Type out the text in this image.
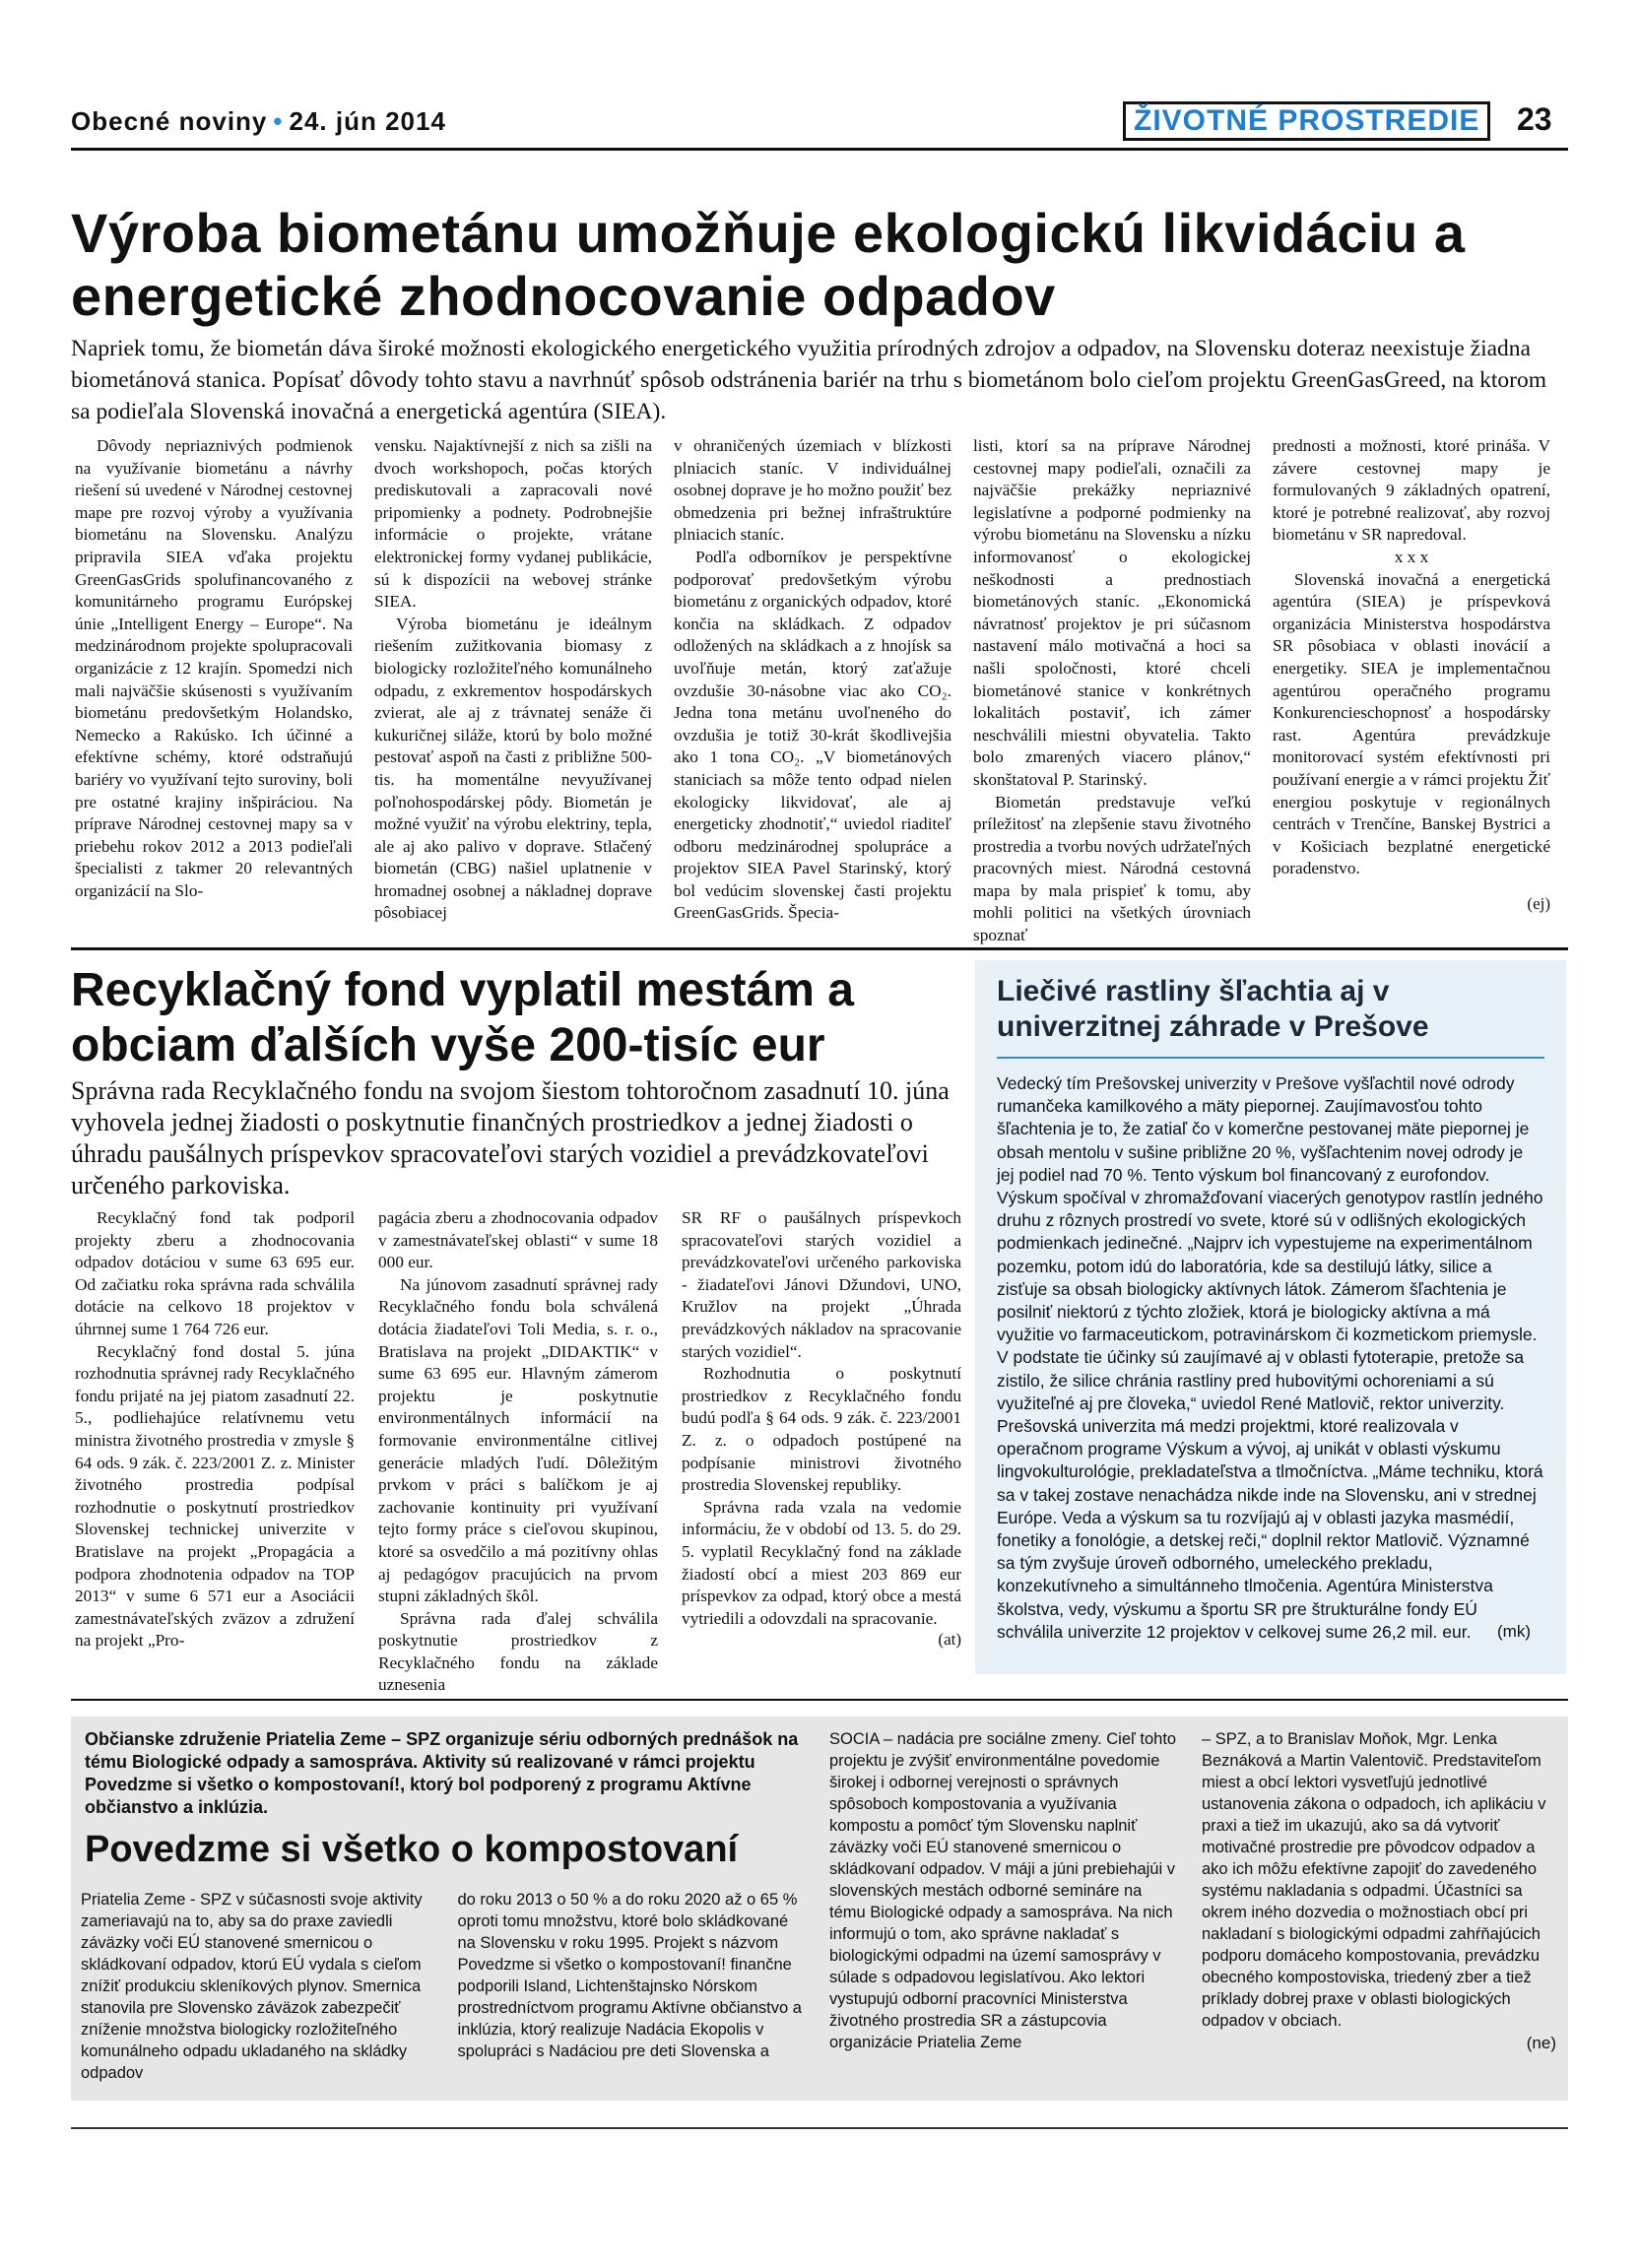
Obecné noviny • 24. jún 2014	ŽIVOTNÉ PROSTREDIE	23
Výroba biometánu umožňuje ekologickú likvidáciu a energetické zhodnocovanie odpadov

Napriek tomu, že biometán dáva široké možnosti ekologického energetického využitia prírodných zdrojov a odpadov, na Slovensku doteraz neexistuje žiadna biometánová stanica. Popísať dôvody tohto stavu a navrhnúť spôsob odstránenia bariér na trhu s biometánom bolo cieľom projektu GreenGasGreed, na ktorom sa podieľala Slovenská inovačná a energetická agentúra (SIEA).

Dôvody nepriaznivých podmienok na využívanie biometánu a návrhy riešení sú uvedené v Národnej cestovnej mape pre rozvoj výroby a využívania biometánu na Slovensku. Analýzu pripravila SIEA vďaka projektu GreenGasGrids spolufinancovaného z komunitárneho programu Európskej únie „Intelligent Energy – Europe“. Na medzinárodnom projekte spolupracovali organizácie z 12 krajín. Spomedzi nich mali najväčšie skúsenosti s využívaním biometánu predovšetkým Holandsko, Nemecko a Rakúsko. Ich účinné a efektívne schémy, ktoré odstraňujú bariéry vo využívaní tejto suroviny, boli pre ostatné krajiny inšpiráciou. Na príprave Národnej cestovnej mapy sa v priebehu rokov 2012 a 2013 podieľali špecialisti z takmer 20 relevantných organizácií na Slo-

vensku. Najaktívnejší z nich sa zišli na dvoch workshopoch, počas ktorých prediskutovali a zapracovali nové pripomienky a podnety. Podrobnejšie informácie o projekte, vrátane elektronickej formy vydanej publikácie, sú k dispozícii na webovej stránke SIEA.

Výroba biometánu je ideálnym riešením zužitkovania biomasy z biologicky rozložiteľného komunálneho odpadu, z exkrementov hospodárskych zvierat, ale aj z trávnatej senáže či kukuričnej siláže, ktorú by bolo možné pestovať aspoň na časti z približne 500-tis. ha momentálne nevyužívanej poľnohospodárskej pôdy. Biometán je možné využiť na výrobu elektriny, tepla, ale aj ako palivo v doprave. Stlačený biometán (CBG) našiel uplatnenie v hromadnej osobnej a nákladnej doprave pôsobiacej

v ohraničených územiach v blízkosti plniacich staníc. V individuálnej osobnej doprave je ho možno použiť bez obmedzenia pri bežnej infraštruktúre plniacich staníc.

Podľa odborníkov je perspektívne podporovať predovšetkým výrobu biometánu z organických odpadov, ktoré končia na skládkach. Z odpadov odložených na skládkach a z hnojísk sa uvoľňuje metán, ktorý zaťažuje ovzdušie 30-násobne viac ako CO₂. Jedna tona metánu uvoľneného do ovzdušia je totiž 30-krát škodlivejšia ako 1 tona CO₂. „V biometánových staniciach sa môže tento odpad nielen ekologicky likvidovať, ale aj energeticky zhodnotiť,“ uviedol riaditeľ odboru medzinárodnej spolupráce a projektov SIEA Pavel Starinský, ktorý bol vedúcim slovenskej časti projektu GreenGasGrids. Špecia-

listi, ktorí sa na príprave Národnej cestovnej mapy podieľali, označili za najväčšie prekážky nepriaznivé legislatívne a podporné podmienky na výrobu biometánu na Slovensku a nízku informovanosť o ekologickej neškodnosti a prednostiach biometánových staníc. „Ekonomická návratnosť projektov je pri súčasnom nastavení málo motivačná a hoci sa našli spoločnosti, ktoré chceli biometánové stanice v konkrétnych lokalitách postaviť, ich zámer neschválili miestni obyvatelia. Takto bolo zmarených viacero plánov,“ skonštatoval P. Starinský.

Biometán predstavuje veľkú príležitosť na zlepšenie stavu životného prostredia a tvorbu nových udržateľných pracovných miest. Národná cestovná mapa by mala prispieť k tomu, aby mohli politici na všetkých úrovniach spoznať

prednosti a možnosti, ktoré prináša. V závere cestovnej mapy je formulovaných 9 základných opatrení, ktoré je potrebné realizovať, aby rozvoj biometánu v SR napredoval.

x x x

Slovenská inovačná a energetická agentúra (SIEA) je príspevková organizácia Ministerstva hospodárstva SR pôsobiaca v oblasti inovácií a energetiky. SIEA je implementačnou agentúrou operačného programu Konkurencieschopnosť a hospodársky rast. Agentúra prevádzkuje monitorovací systém efektívnosti pri používaní energie a v rámci projektu Žiť energiou poskytuje v regionálnych centrách v Trenčíne, Banskej Bystrici a v Košiciach bezplatné energetické poradenstvo.

(ej)
Recyklačný fond vyplatil mestám a obciam ďalších vyše 200-tisíc eur

Správna rada Recyklačného fondu na svojom šiestom tohtoročnom zasadnutí 10. júna vyhovela jednej žiadosti o poskytnutie finančných prostriedkov a jednej žiadosti o úhradu paušálnych príspevkov spracovateľovi starých vozidiel a prevádzkovateľovi určeného parkoviska.

Recyklačný fond tak podporil projekty zberu a zhodnocovania odpadov dotáciou v sume 63 695 eur. Od začiatku roka správna rada schválila dotácie na celkovo 18 projektov v úhrnnej sume 1 764 726 eur.

Recyklačný fond dostal 5. júna rozhodnutia správnej rady Recyklačného fondu prijaté na jej piatom zasadnutí 22. 5., podliehajúce relatívnemu vetu ministra životného prostredia v zmysle § 64 ods. 9 zák. č. 223/2001 Z. z. Minister životného prostredia podpísal rozhodnutie o poskytnutí prostriedkov Slovenskej technickej univerzite v Bratislave na projekt „Propagácia a podpora zhodnotenia odpadov na TOP 2013“ v sume 6 571 eur a Asociácii zamestnávateľských zväzov a združení na projekt „Pro-

pagácia zberu a zhodnocovania odpadov v zamestnávateľskej oblasti“ v sume 18 000 eur.

Na júnovom zasadnutí správnej rady Recyklačného fondu bola schválená dotácia žiadateľovi Toli Media, s. r. o., Bratislava na projekt „DIDAKTIK“ v sume 63 695 eur. Hlavným zámerom projektu je poskytnutie environmentálnych informácií na formovanie environmentálne citlivej generácie mladých ľudí. Dôležitým prvkom v práci s balíčkom je aj zachovanie kontinuity pri využívaní tejto formy práce s cieľovou skupinou, ktoré sa osvedčilo a má pozitívny ohlas aj pedagógov pracujúcich na prvom stupni základných škôl.

Správna rada ďalej schválila poskytnutie prostriedkov z Recyklačného fondu na základe uznesenia

SR RF o paušálnych príspevkoch spracovateľovi starých vozidiel a prevádzkovateľovi určeného parkoviska - žiadateľovi Jánovi Džundovi, UNO, Kružlov na projekt „Úhrada prevádzkových nákladov na spracovanie starých vozidiel“.

Rozhodnutia o poskytnutí prostriedkov z Recyklačného fondu budú podľa § 64 ods. 9 zák. č. 223/2001 Z. z. o odpadoch postúpené na podpísanie ministrovi životného prostredia Slovenskej republiky.

Správna rada vzala na vedomie informáciu, že v období od 13. 5. do 29. 5. vyplatil Recyklačný fond na základe žiadostí obcí a miest 203 869 eur príspevkov za odpad, ktorý obce a mestá vytriedili a odovzdali na spracovanie.

(at)
Liečivé rastliny šľachtia aj v univerzitnej záhrade v Prešove
Vedecký tím Prešovskej univerzity v Prešove vyšľachtil nové odrody rumančeka kamilkového a mäty piepornej. Zaujímavosťou tohto šľachtenia je to, že zatiaľ čo v komerčne pestovanej mäte piepornej je obsah mentolu v sušine približne 20 %, vyšľachtenim novej odrody je jej podiel nad 70 %. Tento výskum bol financovaný z eurofondov. Výskum spočíval v zhromažďovaní viacerých genotypov rastlín jedného druhu z rôznych prostredí vo svete, ktoré sú v odlišných ekologických podmienkach jedinečné. „Najprv ich vypestujeme na experimentálnom pozemku, potom idú do laboratória, kde sa destilujú látky, silice a zisťuje sa obsah biologicky aktívnych látok. Zámerom šľachtenia je posilniť niektorú z týchto zložiek, ktorá je biologicky aktívna a má využitie vo farmaceutickom, potravinárskom či kozmetickom priemysle. V podstate tie účinky sú zaujímavé aj v oblasti fytoterapie, pretože sa zistilo, že silice chránia rastliny pred hubovitými ochoreniami a sú využiteľné aj pre človeka,“ uviedol René Matlovič, rektor univerzity. Prešovská univerzita má medzi projektmi, ktoré realizovala v operačnom programe Výskum a vývoj, aj unikát v oblasti výskumu lingvokulturológie, prekladateľstva a tlmočníctva. „Máme techniku, ktorá sa v takej zostave nenachádza nikde inde na Slovensku, ani v strednej Európe. Veda a výskum sa tu rozvíjajú aj v oblasti jazyka masmédií, fonetiky a fonológie, a detskej reči,“ doplnil rektor Matlovič. Významné sa tým zvyšuje úroveň odborného, umeleckého prekladu, konzekutívneho a simultánneho tlmočenia. Agentúra Ministerstva školstva, vedy, výskumu a športu SR pre štrukturálne fondy EÚ schválila univerzite 12 projektov v celkovej sume 26,2 mil. eur.	(mk)
Občianske združenie Priatelia Zeme – SPZ organizuje sériu odborných prednášok na tému Biologické odpady a samospráva. Aktivity sú realizované v rámci projektu Povedzme si všetko o kompostovaní!, ktorý bol podporený z programu Aktívne občianstvo a inklúzia.
Povedzme si všetko o kompostovaní
Priatelia Zeme - SPZ v súčasnosti svoje aktivity zameriavajú na to, aby sa do praxe zaviedli záväzky voči EÚ stanovené smernicou o skládkovaní odpadov, ktorú EÚ vydala s cieľom znížiť produkciu skleníkových plynov. Smernica stanovila pre Slovensko záväzok zabezpečiť zníženie množstva biologicky rozložiteľného komunálneho odpadu ukladaného na skládky odpadov
do roku 2013 o 50 % a do roku 2020 až o 65 % oproti tomu množstvu, ktoré bolo skládkované na Slovensku v roku 1995. Projekt s názvom Povedzme si všetko o kompostovaní! finančne podporili Island, Lichtenštajnsko Nórskom prostredníctvom programu Aktívne občianstvo a inklúzia, ktorý realizuje Nadácia Ekopolis v spolupráci s Nadáciou pre deti Slovenska a
SOCIA – nadácia pre sociálne zmeny. Cieľ tohto projektu je zvýšiť environmentálne povedomie širokej i odbornej verejnosti o správnych spôsoboch kompostovania a využívania kompostu a pomôcť tým Slovensku naplniť záväzky voči EÚ stanovené smernicou o skládkovaní odpadov. V máji a júni prebiehajúi v slovenských mestách odborné semináre na tému Biologické odpady a samospráva. Na nich informujú o tom, ako správne nakladať s biologickými odpadmi na území samosprávy v súlade s odpadovou legislatívou. Ako lektori vystupujú odborní pracovníci Ministerstva životného prostredia SR a zástupcovia organizácie Priatelia Zeme
– SPZ, a to Branislav Moňok, Mgr. Lenka Beznáková a Martin Valentovič. Predstaviteľom miest a obcí lektori vysvetľujú jednotlivé ustanovenia zákona o odpadoch, ich aplikáciu v praxi a tiež im ukazujú, ako sa dá vytvoriť motivačné prostredie pre pôvodcov odpadov a ako ich môžu efektívne zapojiť do zavedeného systému nakladania s odpadmi. Účastníci sa okrem iného dozvedia o možnostiach obcí pri nakladaní s biologickými odpadmi zahŕňajúcich podporu domáceho kompostovania, prevádzku obecného kompostoviska, triedený zber a tiež príklady dobrej praxe v oblasti biologických odpadov v obciach.
(ne)
